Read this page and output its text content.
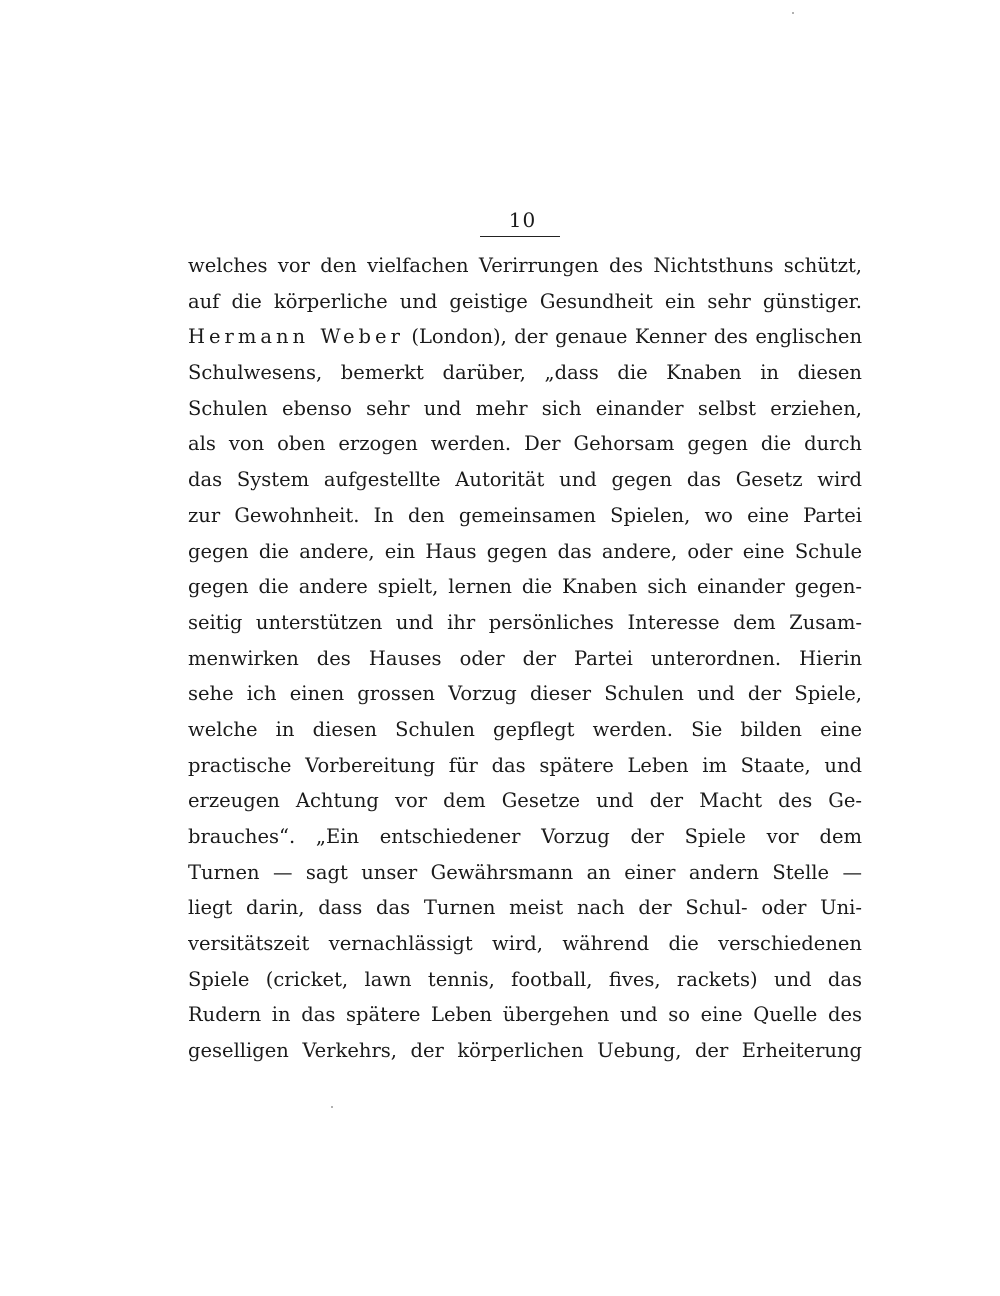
10
welches vor den vielfachen Verirrungen des Nichtsthuns schützt,
auf die körperliche und geistige Gesundheit ein sehr günstiger.
Hermann Weber (London), der genaue Kenner des englischen
Schulwesens, bemerkt darüber, „dass die Knaben in diesen
Schulen ebenso sehr und mehr sich einander selbst erziehen,
als von oben erzogen werden. Der Gehorsam gegen die durch
das System aufgestellte Autorität und gegen das Gesetz wird
zur Gewohnheit. In den gemeinsamen Spielen, wo eine Partei
gegen die andere, ein Haus gegen das andere, oder eine Schule
gegen die andere spielt, lernen die Knaben sich einander gegen-
seitig unterstützen und ihr persönliches Interesse dem Zusam-
menwirken des Hauses oder der Partei unterordnen. Hierin
sehe ich einen grossen Vorzug dieser Schulen und der Spiele,
welche in diesen Schulen gepflegt werden. Sie bilden eine
practische Vorbereitung für das spätere Leben im Staate, und
erzeugen Achtung vor dem Gesetze und der Macht des Ge-
brauches“. „Ein entschiedener Vorzug der Spiele vor dem
Turnen — sagt unser Gewährsmann an einer andern Stelle —
liegt darin, dass das Turnen meist nach der Schul- oder Uni-
versitätszeit vernachlässigt wird, während die verschiedenen
Spiele (cricket, lawn tennis, football, fives, rackets) und das
Rudern in das spätere Leben übergehen und so eine Quelle des
geselligen Verkehrs, der körperlichen Uebung, der Erheiterung
